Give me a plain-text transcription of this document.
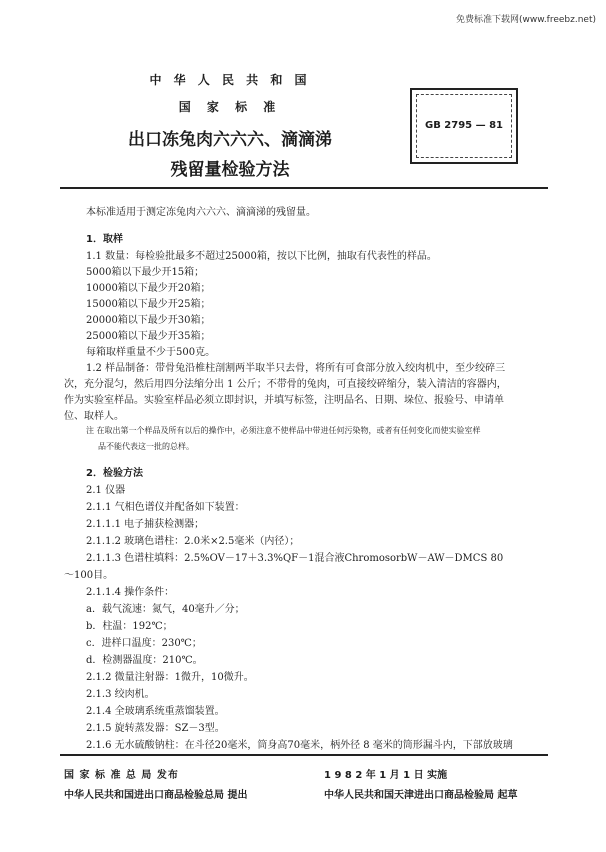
免费标准下载网(www.freebz.net)
中 华 人 民 共 和 国
国 家 标 准
出口冻兔肉六六六、滴滴涕
残留量检验方法
GB 2795 — 81
本标准适用于测定冻兔肉六六六、滴滴涕的残留量。
1．取样
1.1 数量：每检验批最多不超过25000箱，按以下比例，抽取有代表性的样品。
5000箱以下最少开15箱；
10000箱以下最少开20箱；
15000箱以下最少开25箱；
20000箱以下最少开30箱；
25000箱以下最少开35箱；
每箱取样重量不少于500克。
1.2 样品制备：带骨兔沿椎柱剖割两半取半只去骨，将所有可食部分放入绞肉机中，至少绞碎三
次，充分混匀，然后用四分法缩分出 1 公斤；不带骨的兔肉，可直接绞碎缩分，装入清洁的容器内，
作为实验室样品。实验室样品必须立即封识，并填写标签，注明品名、日期、垛位、报验号、申请单
位、取样人。
注 在取出第一个样品及所有以后的操作中，必须注意不使样品中带进任何污染物，或者有任何变化而使实验室样
品不能代表这一批的总样。
2．检验方法
2.1 仪器
2.1.1 气相色谱仪并配备如下装置：
2.1.1.1 电子捕获检测器；
2.1.1.2 玻璃色谱柱：2.0米×2.5毫米（内径）；
2.1.1.3 色谱柱填料：2.5%OV－17＋3.3%QF－1混合液ChromosorbW－AW－DMCS 80
～100目。
2.1.1.4 操作条件：
a．载气流速：氮气，40毫升／分；
b．柱温：192℃；
c．进样口温度：230℃；
d．检测器温度：210℃。
2.1.2 微量注射器：1微升，10微升。
2.1.3 绞肉机。
2.1.4 全玻璃系统重蒸馏装置。
2.1.5 旋转蒸发器：SZ－3型。
2.1.6 无水硫酸钠柱：在斗径20毫米，筒身高70毫米，柄外径 8 毫米的筒形漏斗内，下部放玻璃
国 家 标 准 总 局 发布
中华人民共和国进出口商品检验总局 提出
1 9 8 2 年 1 月 1 日 实施
中华人民共和国天津进出口商品检验局 起草
